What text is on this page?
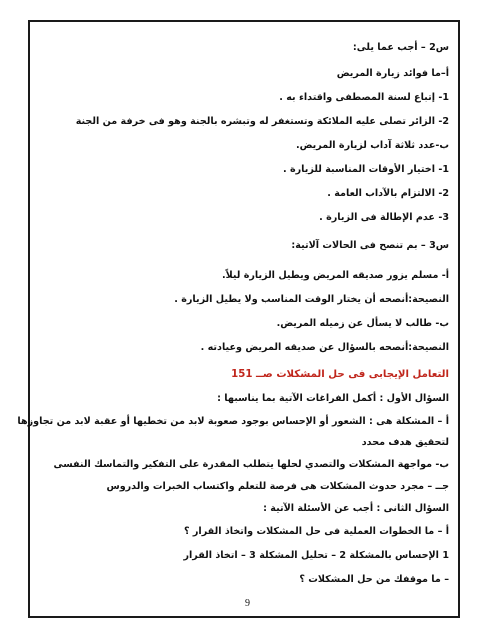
س2 – أجب عما يلى:
أ–ما فوائد زيارة المريض
1- إتباع لسنة المصطفى واقتداء به .
2- الزائر تصلى عليه الملائكة وتستغفر له وتبشره بالجنة وهو فى خرفة من الجنة
ب-عدد ثلاثة آداب لزيارة المريض.
1- اختيار الأوقات المناسبة للزيارة .
2- الالتزام بالآداب العامة .
3- عدم الإطالة فى الزيارة .
س3 – بم تنصح فى الحالات آلاتية:
أ- مسلم يزور صديقه المريض ويطيل الزيارة ليلاً.
النصيحة:أنصحه أن يختار الوقت المناسب ولا يطيل الزيارة .
ب- طالب لا يسأل عن زميله المريض.
النصيحة:أنصحه بالسؤال عن صديقه المريض وعيادته .
التعامل الإيجابى فى حل المشكلات صــ 151
السؤال الأول : أكمل الفراغات الآتية بما يناسبها :
أ – المشكلة هى : الشعور أو الإحساس بوجود صعوبة لابد من تخطيها أو عقبة لابد من تجاوزها
لتحقيق هدف محدد
ب- مواجهة المشكلات والتصدي لحلها يتطلب المقدرة على التفكير والتماسك النفسى
جــ – مجرد حدوث المشكلات هى فرصة للتعلم واكتساب الخبرات والدروس
السؤال الثانى : أجب عن الأسئلة الآتية :
أ – ما الخطوات العملية فى حل المشكلات واتخاذ القرار ؟
1 الإحساس بالمشكلة 2 – تحليل المشكلة 3 – اتخاذ القرار
– ما موقفك من حل المشكلات ؟
9
